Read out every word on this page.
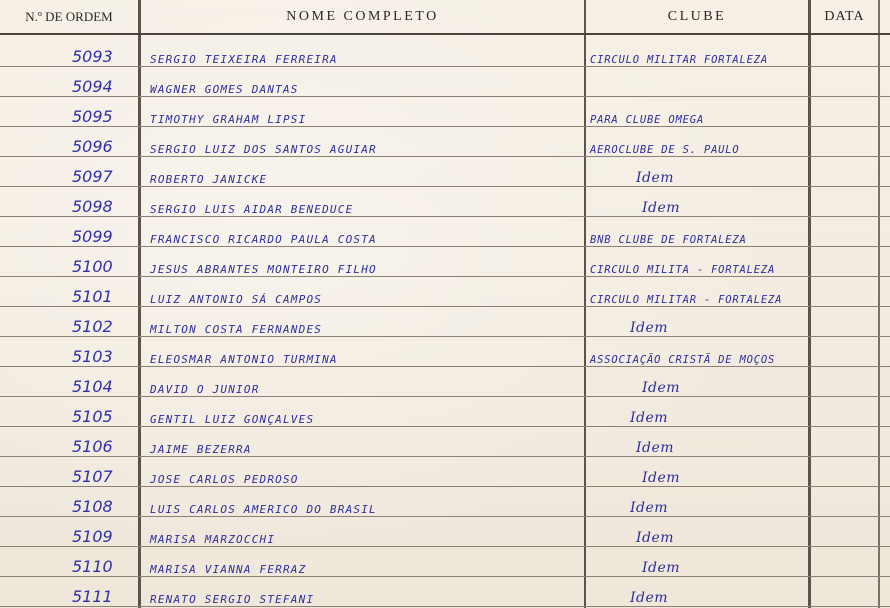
N.º DE ORDEM	NOME COMPLETO	CLUBE	DATA
5093	SERGIO TEIXEIRA FERREIRA	CIRCULO MILITAR FORTALEZA
5094	WAGNER GOMES DANTAS
5095	TIMOTHY GRAHAM LIPSI	PARA CLUBE OMEGA
5096	SERGIO LUIZ DOS SANTOS AGUIAR	AEROCLUBE DE S. PAULO
5097	ROBERTO JANICKE	Idem
5098	SERGIO LUIS AIDAR BENEDUCE	Idem
5099	FRANCISCO RICARDO PAULA COSTA	BNB CLUBE DE FORTALEZA
5100	JESUS ABRANTES MONTEIRO FILHO	CIRCULO MILITA - FORTALEZA
5101	LUIZ ANTONIO SÁ CAMPOS	CIRCULO MILITAR - FORTALEZA
5102	MILTON COSTA FERNANDES	Idem
5103	ELEOSMAR ANTONIO TURMINA	ASSOCIAÇÃO CRISTÃ DE MOÇOS
5104	DAVID O JUNIOR	Idem
5105	GENTIL LUIZ GONÇALVES	Idem
5106	JAIME BEZERRA	Idem
5107	JOSE CARLOS PEDROSO	Idem
5108	LUIS CARLOS AMERICO DO BRASIL	Idem
5109	MARISA MARZOCCHI	Idem
5110	MARISA VIANNA FERRAZ	Idem
5111	RENATO SERGIO STEFANI	Idem
